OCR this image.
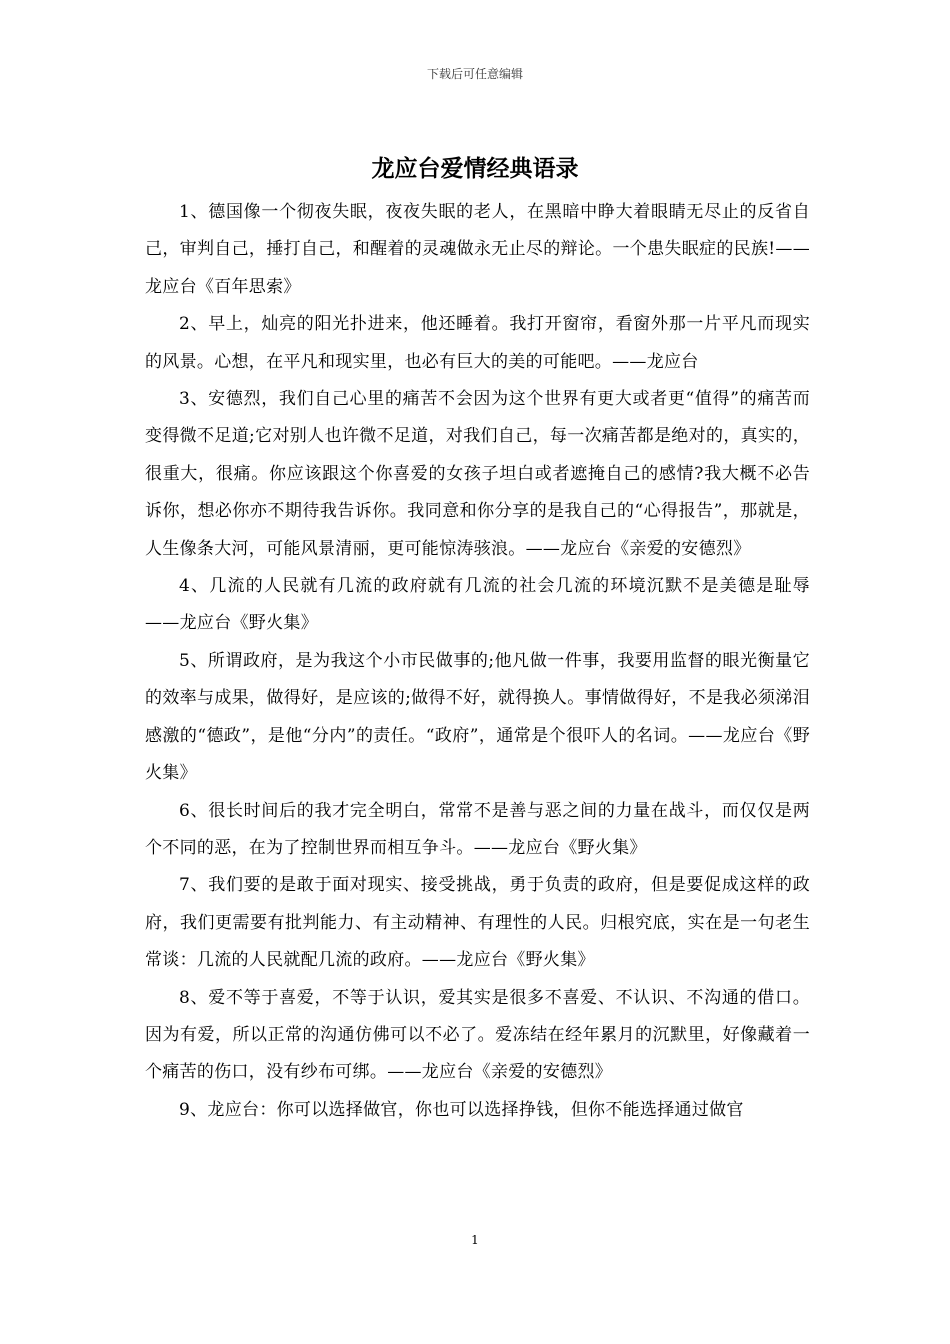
下载后可任意编辑
龙应台爱情经典语录

1、德国像一个彻夜失眠，夜夜失眠的老人，在黑暗中睁大着眼睛无尽止的反省自己，审判自己，捶打自己，和醒着的灵魂做永无止尽的辩论。一个患失眠症的民族!——龙应台《百年思索》

2、早上，灿亮的阳光扑进来，他还睡着。我打开窗帘，看窗外那一片平凡而现实的风景。心想，在平凡和现实里，也必有巨大的美的可能吧。——龙应台

3、安德烈，我们自己心里的痛苦不会因为这个世界有更大或者更“值得”的痛苦而变得微不足道;它对别人也许微不足道，对我们自己，每一次痛苦都是绝对的，真实的，很重大，很痛。你应该跟这个你喜爱的女孩子坦白或者遮掩自己的感情?我大概不必告诉你，想必你亦不期待我告诉你。我同意和你分享的是我自己的“心得报告”，那就是，人生像条大河，可能风景清丽，更可能惊涛骇浪。——龙应台《亲爱的安德烈》

4、几流的人民就有几流的政府就有几流的社会几流的环境沉默不是美德是耻辱——龙应台《野火集》

5、所谓政府，是为我这个小市民做事的;他凡做一件事，我要用监督的眼光衡量它的效率与成果，做得好，是应该的;做得不好，就得换人。事情做得好，不是我必须涕泪感激的“德政”，是他“分内”的责任。“政府”，通常是个很吓人的名词。——龙应台《野火集》

6、很长时间后的我才完全明白，常常不是善与恶之间的力量在战斗，而仅仅是两个不同的恶，在为了控制世界而相互争斗。——龙应台《野火集》

7、我们要的是敢于面对现实、接受挑战，勇于负责的政府，但是要促成这样的政府，我们更需要有批判能力、有主动精神、有理性的人民。归根究底，实在是一句老生常谈：几流的人民就配几流的政府。——龙应台《野火集》

8、爱不等于喜爱，不等于认识，爱其实是很多不喜爱、不认识、不沟通的借口。因为有爱，所以正常的沟通仿佛可以不必了。爱冻结在经年累月的沉默里，好像藏着一个痛苦的伤口，没有纱布可绑。——龙应台《亲爱的安德烈》

9、龙应台：你可以选择做官，你也可以选择挣钱，但你不能选择通过做官

1
